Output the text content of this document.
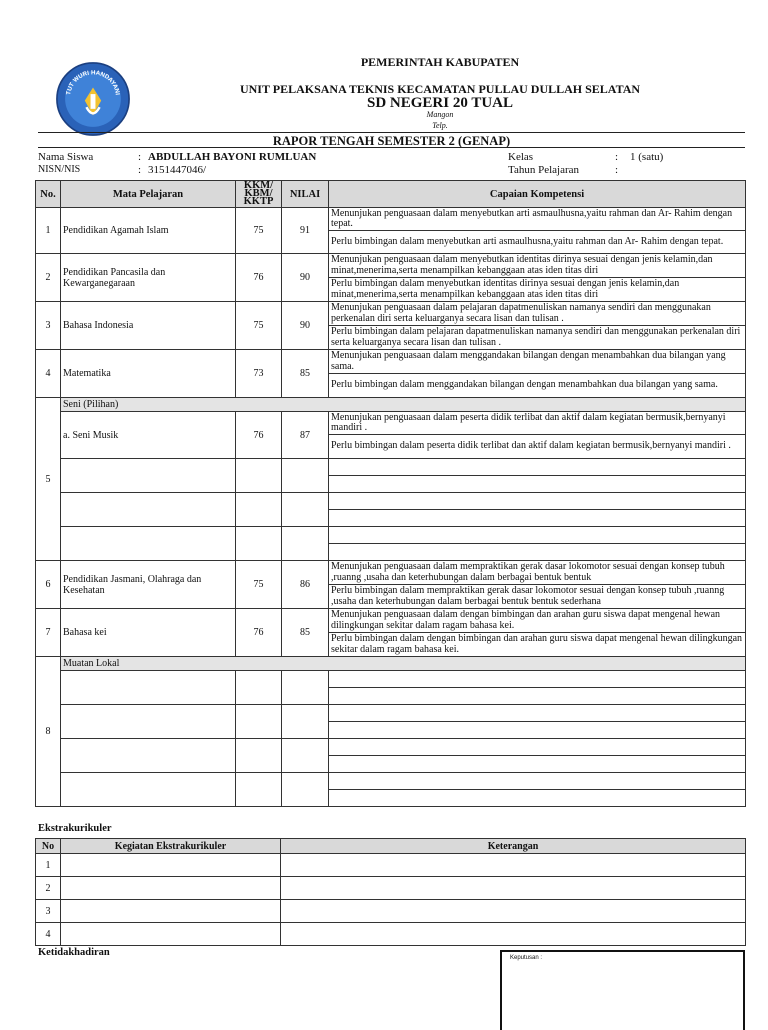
TUT WURI HANDAYANI
PEMERINTAH KABUPATEN
UNIT PELAKSANA TEKNIS KECAMATAN PULLAU DULLAH SELATAN
SD NEGERI 20 TUAL
Mangon
Telp.
RAPOR TENGAH SEMESTER 2 (GENAP)
Nama Siswa	: ABDULLAH BAYONI RUMLUAN
NISN/NIS	: 3151447046/
Kelas	: 1 (satu)
Tahun Pelajaran	:
No.	Mata Pelajaran	KKM/
KBM/
KKTP	NILAI	Capaian Kompetensi
1	Pendidikan Agamah Islam	75	91	Menunjukan penguasaan dalam menyebutkan arti asmaulhusna,yaitu rahman dan Ar- Rahim dengan tepat.
				Perlu bimbingan dalam menyebutkan arti asmaulhusna,yaitu rahman dan Ar- Rahim dengan tepat.
2	Pendidikan Pancasila dan Kewarganegaraan	76	90	Menunjukan penguasaan dalam menyebutkan identitas dirinya sesuai dengan jenis kelamin,dan minat,menerima,serta menampilkan kebanggaan atas iden titas diri
				Perlu bimbingan dalam menyebutkan identitas dirinya sesuai dengan jenis kelamin,dan minat,menerima,serta menampilkan kebanggaan atas iden titas diri
3	Bahasa Indonesia	75	90	Menunjukan penguasaan dalam pelajaran dapatmenuliskan namanya sendiri dan menggunakan perkenalan diri serta keluarganya secara lisan dan tulisan .
				Perlu bimbingan dalam pelajaran dapatmenuliskan namanya sendiri dan menggunakan perkenalan diri serta keluarganya secara lisan dan tulisan .
4	Matematika	73	85	Menunjukan penguasaan dalam menggandakan bilangan dengan menambahkan dua bilangan yang sama.
				Perlu bimbingan dalam menggandakan bilangan dengan menambahkan dua bilangan yang sama.
5	Seni (Pilihan)			
	a. Seni Musik	76	87	Menunjukan penguasaan dalam peserta didik terlibat dan aktif dalam kegiatan bermusik,bernyanyi mandiri .
				Perlu bimbingan dalam peserta didik terlibat dan aktif dalam kegiatan bermusik,bernyanyi mandiri .

6	Pendidikan Jasmani, Olahraga dan Kesehatan	75	86	Menunjukan penguasaan dalam mempraktikan gerak dasar lokomotor sesuai dengan konsep tubuh ,ruanng ,usaha dan keterhubungan dalam berbagai bentuk bentuk
				Perlu bimbingan dalam mempraktikan gerak dasar lokomotor sesuai dengan konsep tubuh ,ruanng ,usaha dan keterhubungan dalam berbagai bentuk bentuk sederhana
7	Bahasa kei	76	85	Menunjukan penguasaan dalam dengan bimbingan dan arahan guru siswa dapat mengenal hewan dilingkungan sekitar dalam ragam bahasa kei.
				Perlu bimbingan dalam dengan bimbingan dan arahan guru siswa dapat mengenal hewan dilingkungan sekitar dalam ragam bahasa kei.
8	Muatan Lokal			

Ekstrakurikuler
No	Kegiatan Ekstrakurikuler	Keterangan
1		
2		
3		
4		
Ketidakhadiran	Keputusan :
